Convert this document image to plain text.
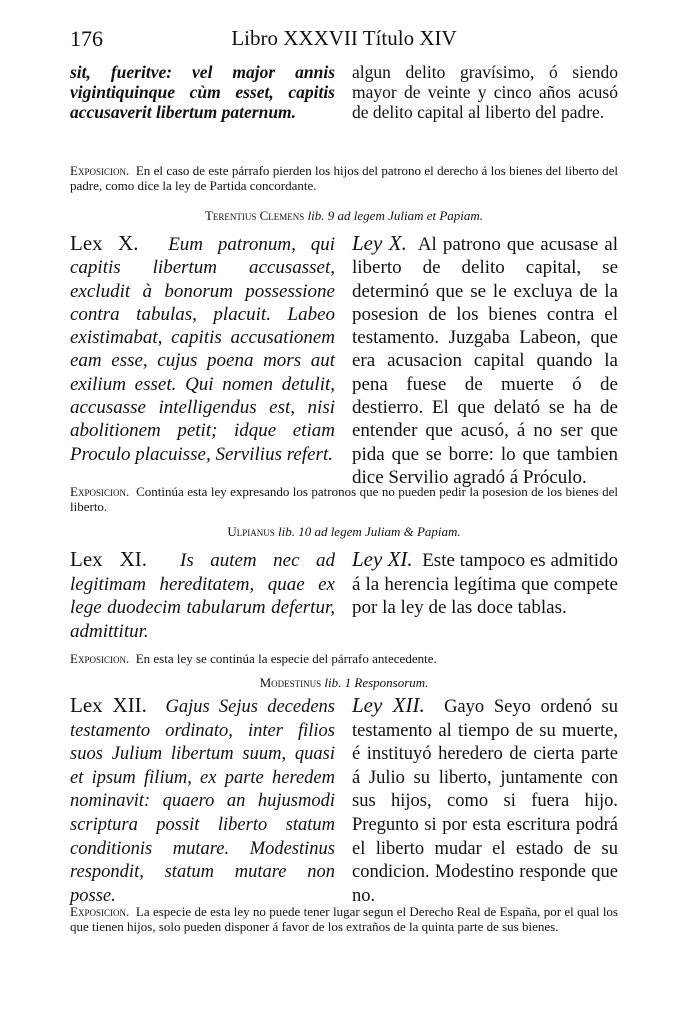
176	Libro XXXVII Título XIV

sit, fueritve: vel major annis vigintiquinque cùm esset, capitis accusaverit libertum paternum.

algun delito gravísimo, ó siendo mayor de veinte y cinco años acusó de delito capital al liberto del padre.

Exposicion. En el caso de este párrafo pierden los hijos del patrono el derecho á los bienes del liberto del padre, como dice la ley de Partida concordante.
Terentius Clemens lib. 9 ad legem Juliam et Papiam.

Lex X. Eum patronum, qui capitis libertum accusasset, excludit à bonorum possessione contra tabulas, placuit. Labeo existimabat, capitis accusationem eam esse, cujus poena mors aut exilium esset. Qui nomen detulit, accusasse intelligendus est, nisi abolitionem petit; idque etiam Proculo placuisse, Servilius refert.

Ley X. Al patrono que acusase al liberto de delito capital, se determinó que se le excluya de la posesion de los bienes contra el testamento. Juzgaba Labeon, que era acusacion capital quando la pena fuese de muerte ó de destierro. El que delató se ha de entender que acusó, á no ser que pida que se borre: lo que tambien dice Servilio agradó á Próculo.

Exposicion. Continúa esta ley expresando los patronos que no pueden pedir la posesion de los bienes del liberto.
Ulpianus lib. 10 ad legem Juliam & Papiam.

Lex XI. Is autem nec ad legitimam hereditatem, quae ex lege duodecim tabularum defertur, admittitur.

Ley XI. Este tampoco es admitido á la herencia legítima que compete por la ley de las doce tablas.

Exposicion. En esta ley se continúa la especie del párrafo antecedente.
Modestinus lib. 1 Responsorum.

Lex XII. Gajus Sejus decedens testamento ordinato, inter filios suos Julium libertum suum, quasi et ipsum filium, ex parte heredem nominavit: quaero an hujusmodi scriptura possit liberto statum conditionis mutare. Modestinus respondit, statum mutare non posse.

Ley XII. Gayo Seyo ordenó su testamento al tiempo de su muerte, é instituyó heredero de cierta parte á Julio su liberto, juntamente con sus hijos, como si fuera hijo. Pregunto si por esta escritura podrá el liberto mudar el estado de su condicion. Modestino responde que no.

Exposicion. La especie de esta ley no puede tener lugar segun el Derecho Real de España, por el qual los que tienen hijos, solo pueden disponer á favor de los extraños de la quinta parte de sus bienes.
